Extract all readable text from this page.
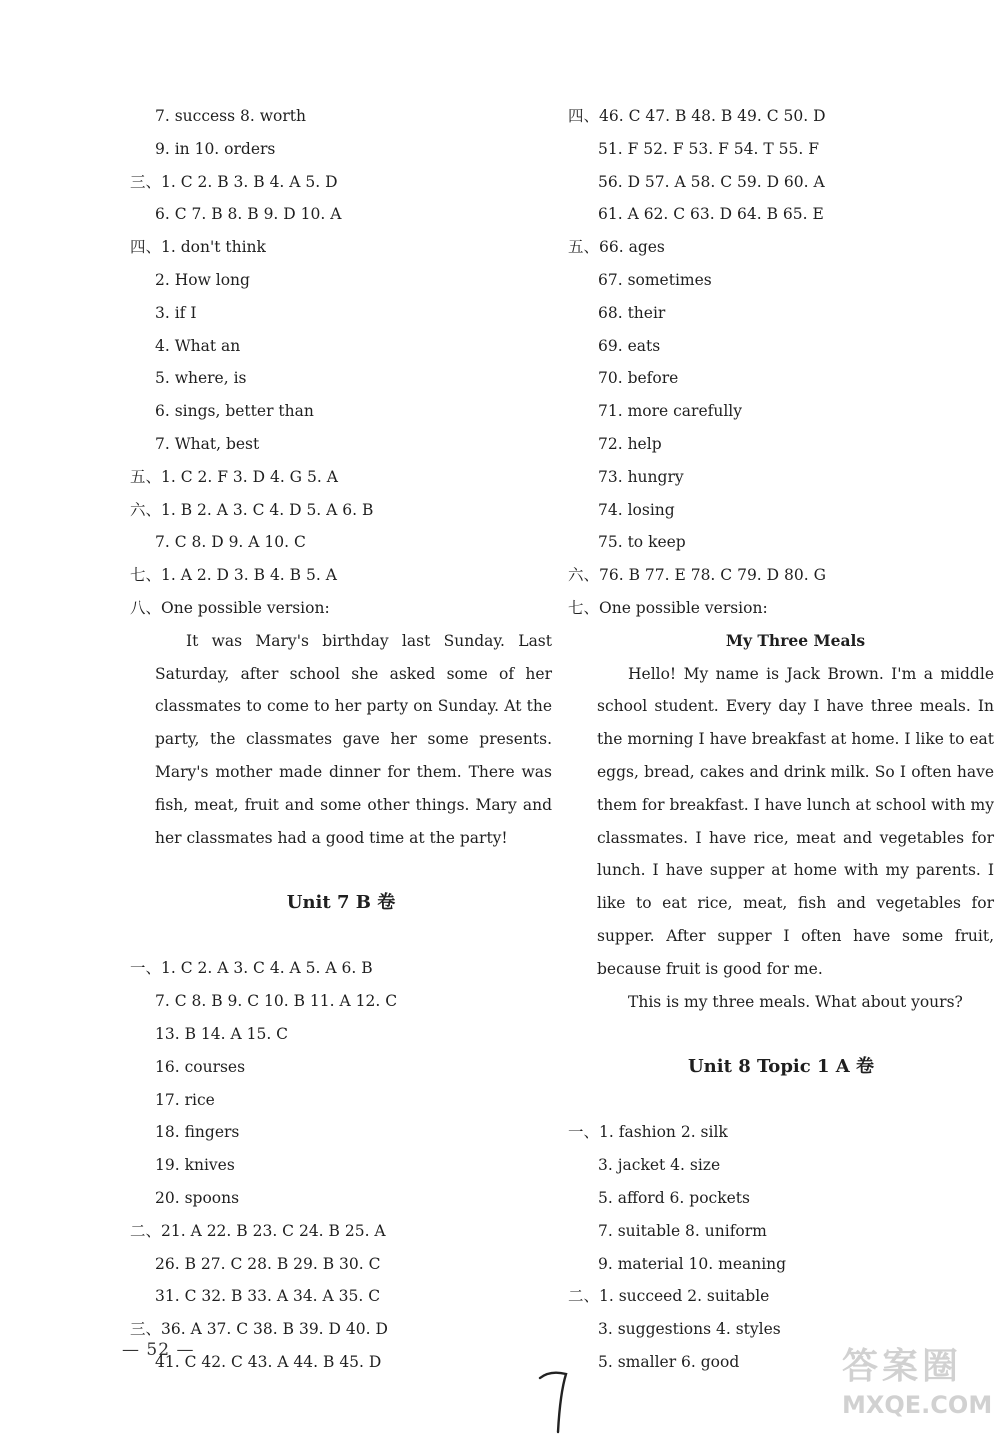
7. success 8. worth
9. in 10. orders
三、1. C 2. B 3. B 4. A 5. D
6. C 7. B 8. B 9. D 10. A
四、1. don't think
2. How long
3. if I
4. What an
5. where, is
6. sings, better than
7. What, best
五、1. C 2. F 3. D 4. G 5. A
六、1. B 2. A 3. C 4. D 5. A 6. B
7. C 8. D 9. A 10. C
七、1. A 2. D 3. B 4. B 5. A
八、One possible version:
It was Mary's birthday last Sunday. Last Saturday, after school she asked some of her classmates to come to her party on Sunday. At the party, the classmates gave her some presents. Mary's mother made dinner for them. There was fish, meat, fruit and some other things. Mary and her classmates had a good time at the party!
Unit 7 B 卷
一、1. C 2. A 3. C 4. A 5. A 6. B
7. C 8. B 9. C 10. B 11. A 12. C
13. B 14. A 15. C
16. courses
17. rice
18. fingers
19. knives
20. spoons
二、21. A 22. B 23. C 24. B 25. A
26. B 27. C 28. B 29. B 30. C
31. C 32. B 33. A 34. A 35. C
三、36. A 37. C 38. B 39. D 40. D
41. C 42. C 43. A 44. B 45. D
四、46. C 47. B 48. B 49. C 50. D
51. F 52. F 53. F 54. T 55. F
56. D 57. A 58. C 59. D 60. A
61. A 62. C 63. D 64. B 65. E
五、66. ages
67. sometimes
68. their
69. eats
70. before
71. more carefully
72. help
73. hungry
74. losing
75. to keep
六、76. B 77. E 78. C 79. D 80. G
七、One possible version:
My Three Meals
Hello! My name is Jack Brown. I'm a middle school student. Every day I have three meals. In the morning I have breakfast at home. I like to eat eggs, bread, cakes and drink milk. So I often have them for breakfast. I have lunch at school with my classmates. I have rice, meat and vegetables for lunch. I have supper at home with my parents. I like to eat rice, meat, fish and vegetables for supper. After supper I often have some fruit, because fruit is good for me.
This is my three meals. What about yours?
Unit 8 Topic 1 A 卷
一、1. fashion 2. silk
3. jacket 4. size
5. afford 6. pockets
7. suitable 8. uniform
9. material 10. meaning
二、1. succeed 2. suitable
3. suggestions 4. styles
5. smaller 6. good
— 52 —	答案圈
MXQE.COM
